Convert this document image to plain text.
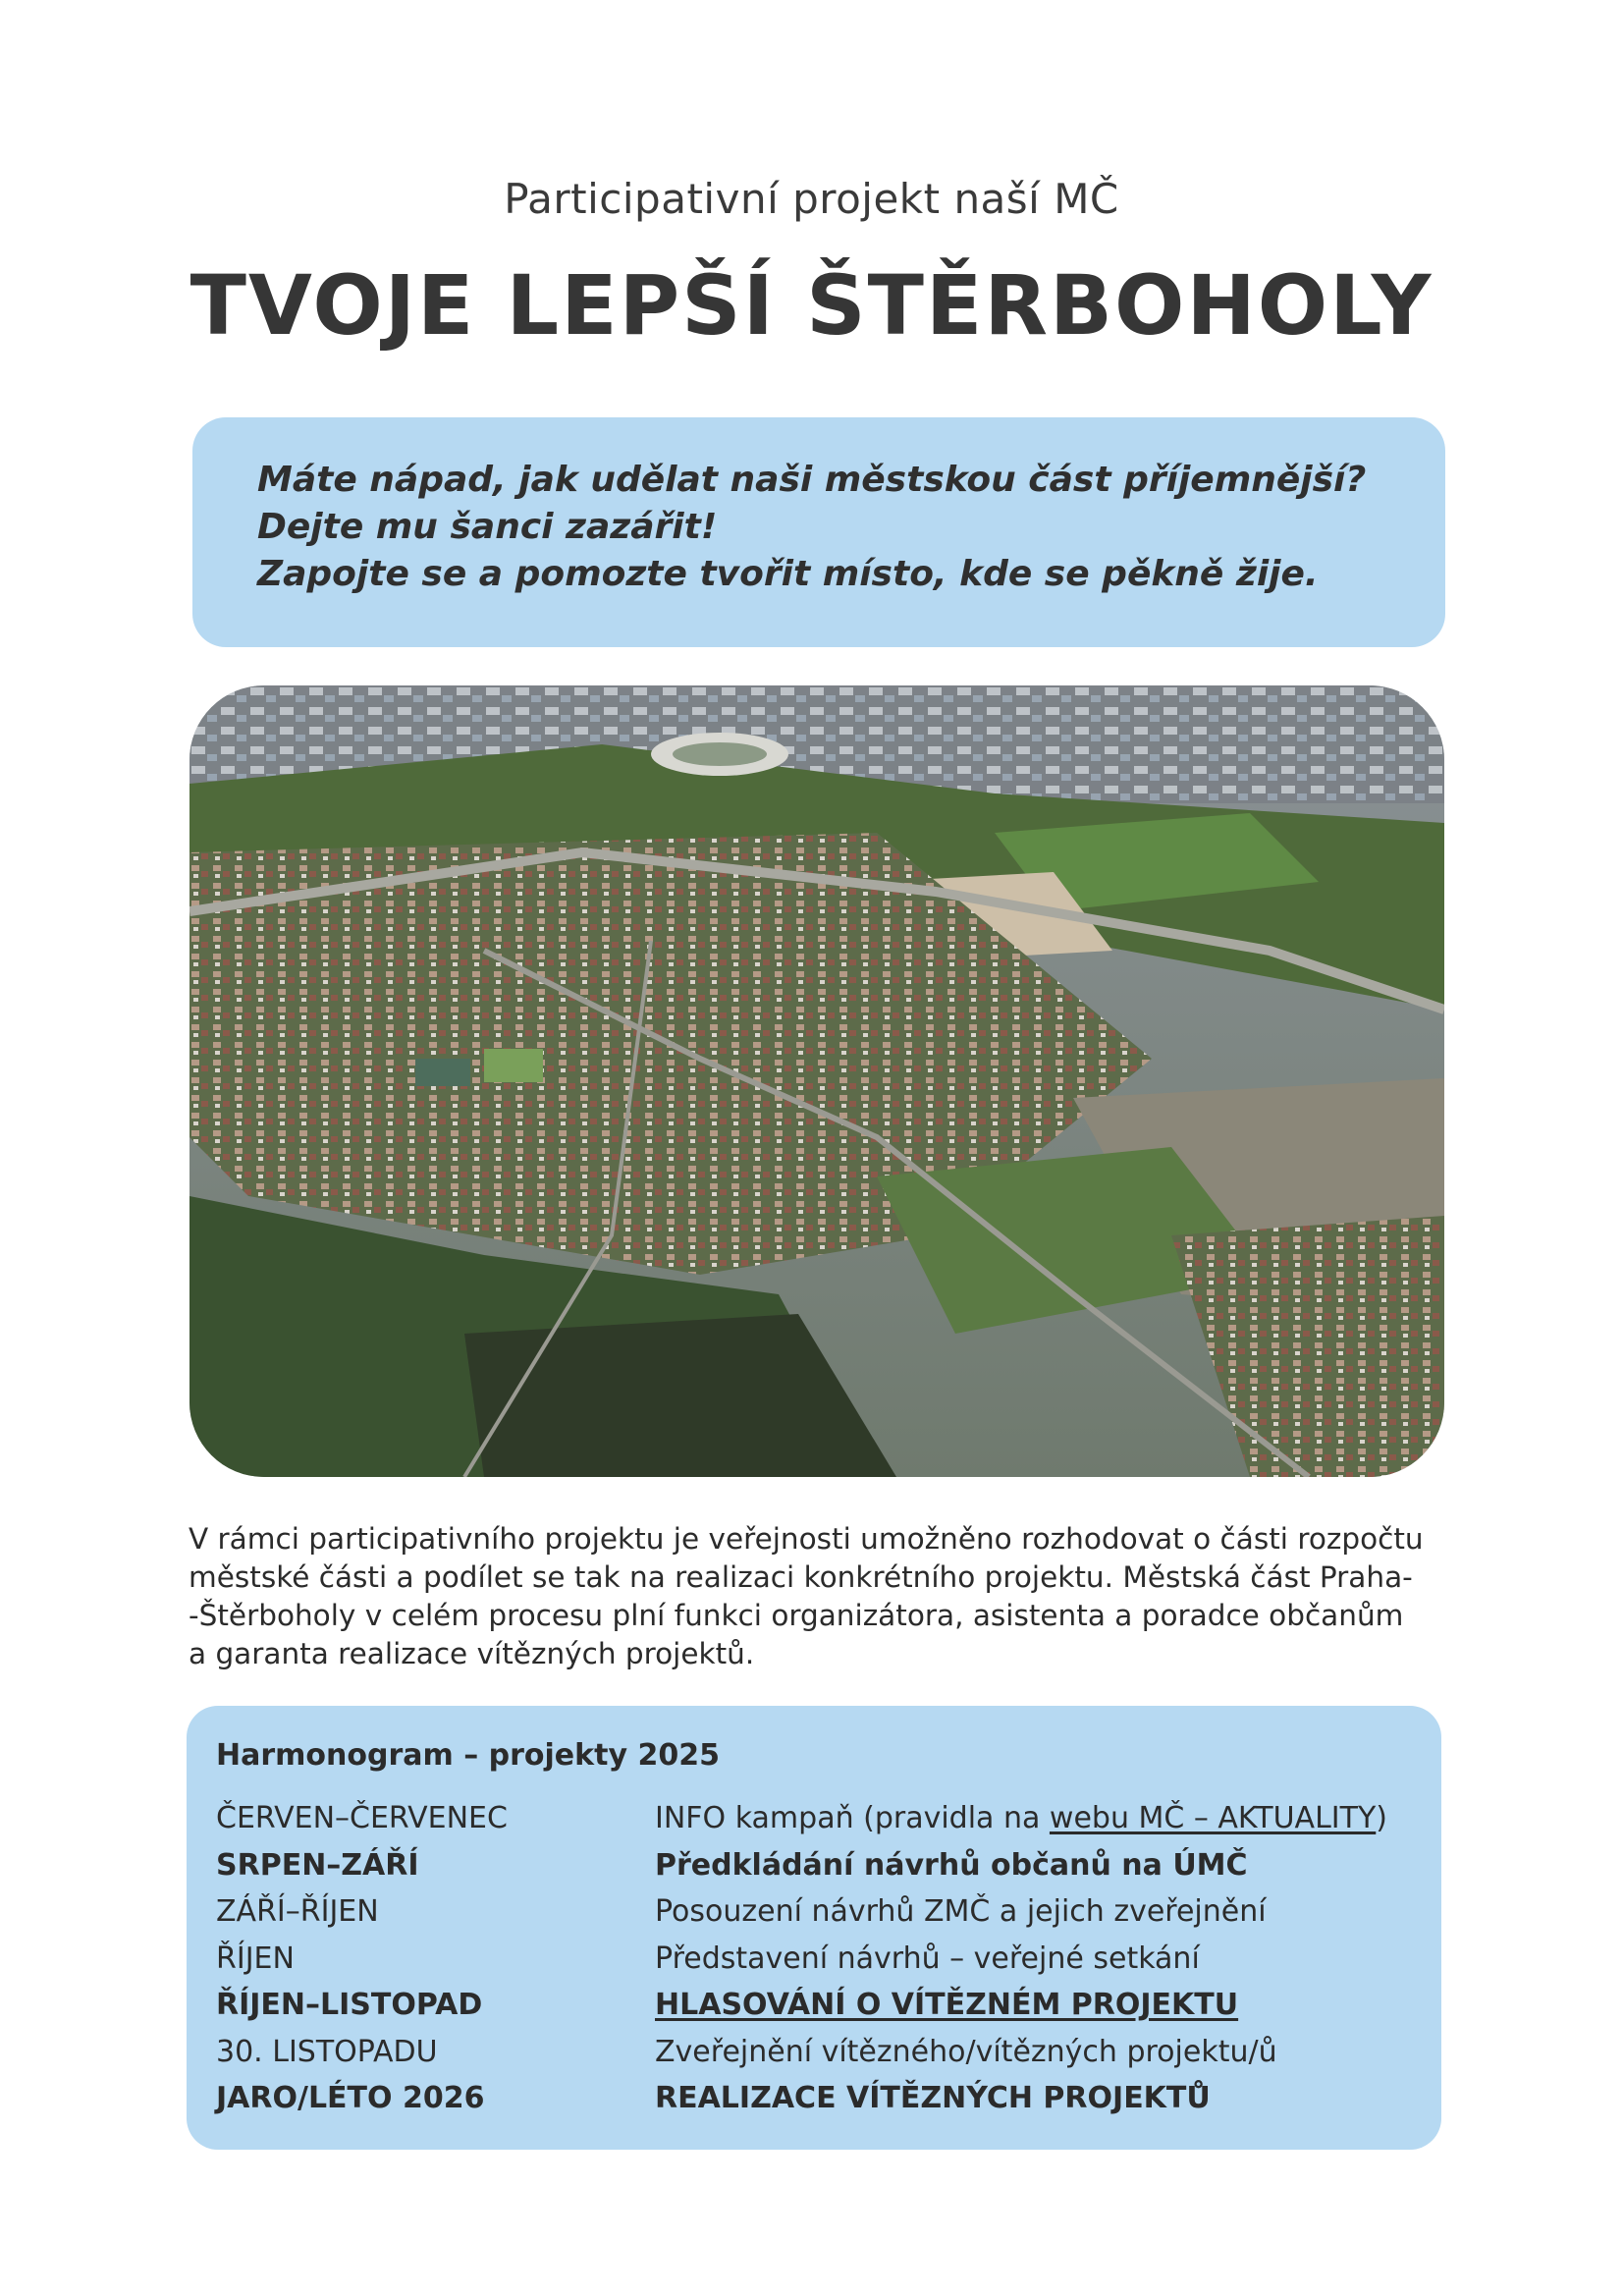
Participativní projekt naší MČ
TVOJE LEPŠÍ ŠTĚRBOHOLY
Máte nápad, jak udělat naši městskou část příjemnější?
Dejte mu šanci zazářit!
Zapojte se a pomozte tvořit místo, kde se pěkně žije.
V rámci participativního projektu je veřejnosti umožněno rozhodovat o části rozpočtu
městské části a podílet se tak na realizaci konkrétního projektu. Městská část Praha-
-Štěrboholy v celém procesu plní funkci organizátora, asistenta a poradce občanům
a garanta realizace vítězných projektů.
Harmonogram – projekty 2025
ČERVEN–ČERVENEC	INFO kampaň (pravidla na webu MČ – AKTUALITY)
SRPEN–ZÁŘÍ	Předkládání návrhů občanů na ÚMČ
ZÁŘÍ–ŘÍJEN	Posouzení návrhů ZMČ a jejich zveřejnění
ŘÍJEN	Představení návrhů – veřejné setkání
ŘÍJEN–LISTOPAD	HLASOVÁNÍ O VÍTĚZNÉM PROJEKTU
30. LISTOPADU	Zveřejnění vítězného/vítězných projektu/ů
JARO/LÉTO 2026	REALIZACE VÍTĚZNÝCH PROJEKTŮ
